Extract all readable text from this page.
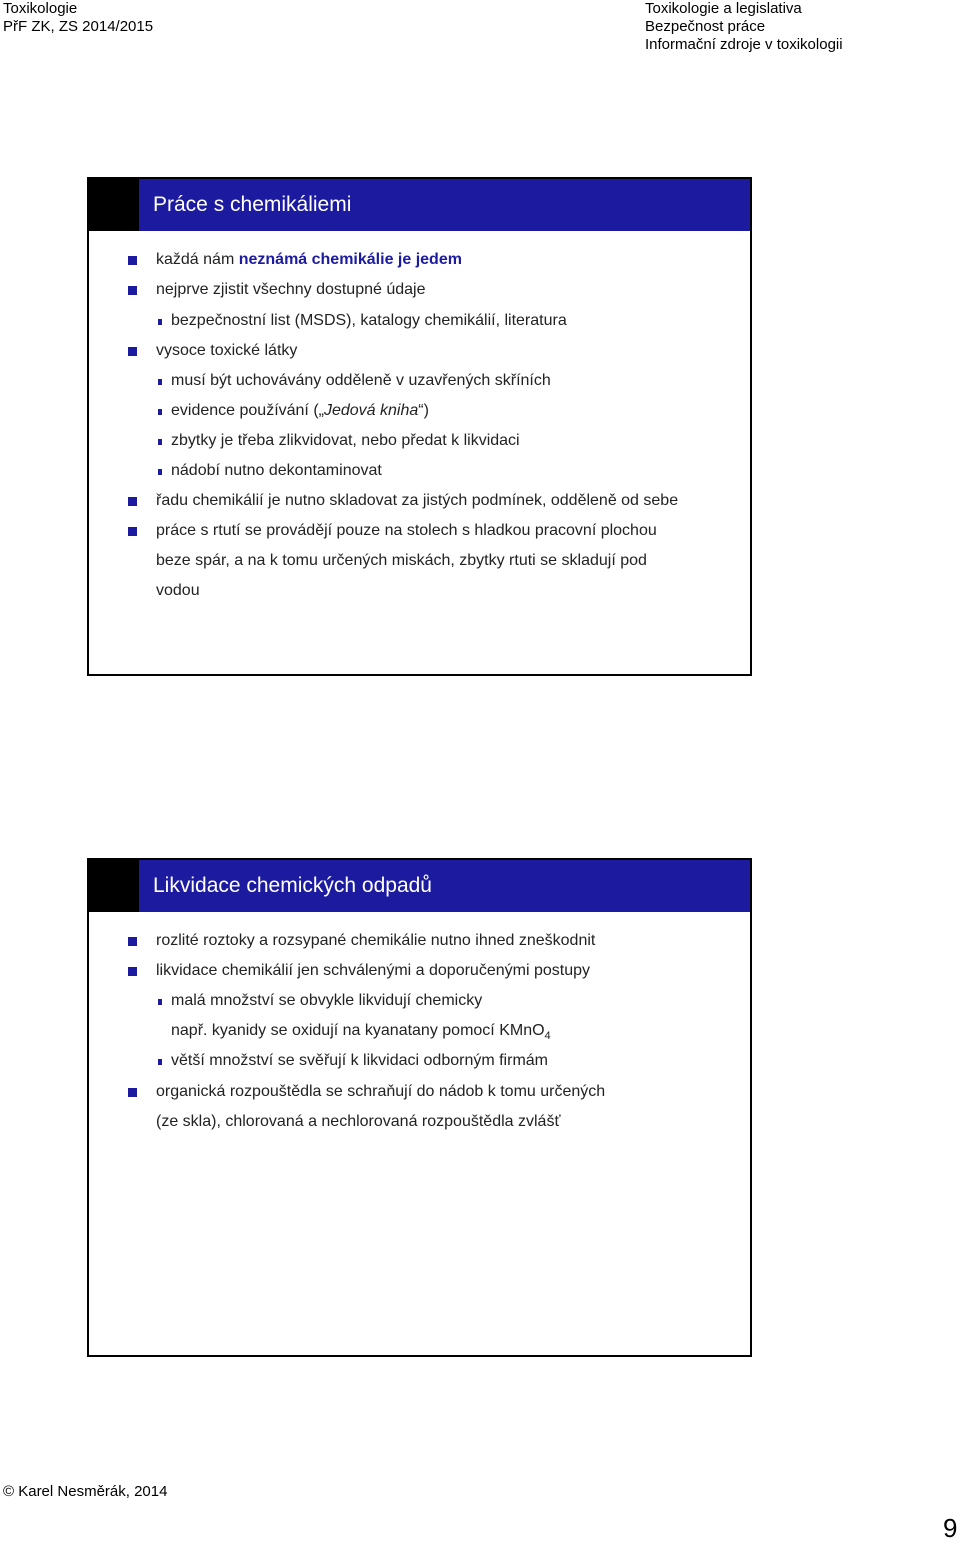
Toxikologie
PřF ZK, ZS 2014/2015
Toxikologie a legislativa
Bezpečnost práce
Informační zdroje v toxikologii
Práce s chemikáliemi
každá nám neznámá chemikálie je jedem
nejprve zjistit všechny dostupné údaje
bezpečnostní list (MSDS), katalogy chemikálií, literatura
vysoce toxické látky
musí být uchovávány odděleně v uzavřených skříních
evidence používání („Jedová kniha“)
zbytky je třeba zlikvidovat, nebo předat k likvidaci
nádobí nutno dekontaminovat
řadu chemikálií je nutno skladovat za jistých podmínek, odděleně od sebe
práce s rtutí se provádějí pouze na stolech s hladkou pracovní plochou
beze spár, a na k tomu určených miskách, zbytky rtuti se skladují pod
vodou
Likvidace chemických odpadů
rozlité roztoky a rozsypané chemikálie nutno ihned zneškodnit
likvidace chemikálií jen schválenými a doporučenými postupy
malá množství se obvykle likvidují chemicky
např. kyanidy se oxidují na kyanatany pomocí KMnO$_4$
větší množství se svěřují k likvidaci odborným firmám
organická rozpouštědla se schraňují do nádob k tomu určených
(ze skla), chlorovaná a nechlorovaná rozpouštědla zvlášť
© Karel Nesměrák, 2014
9
